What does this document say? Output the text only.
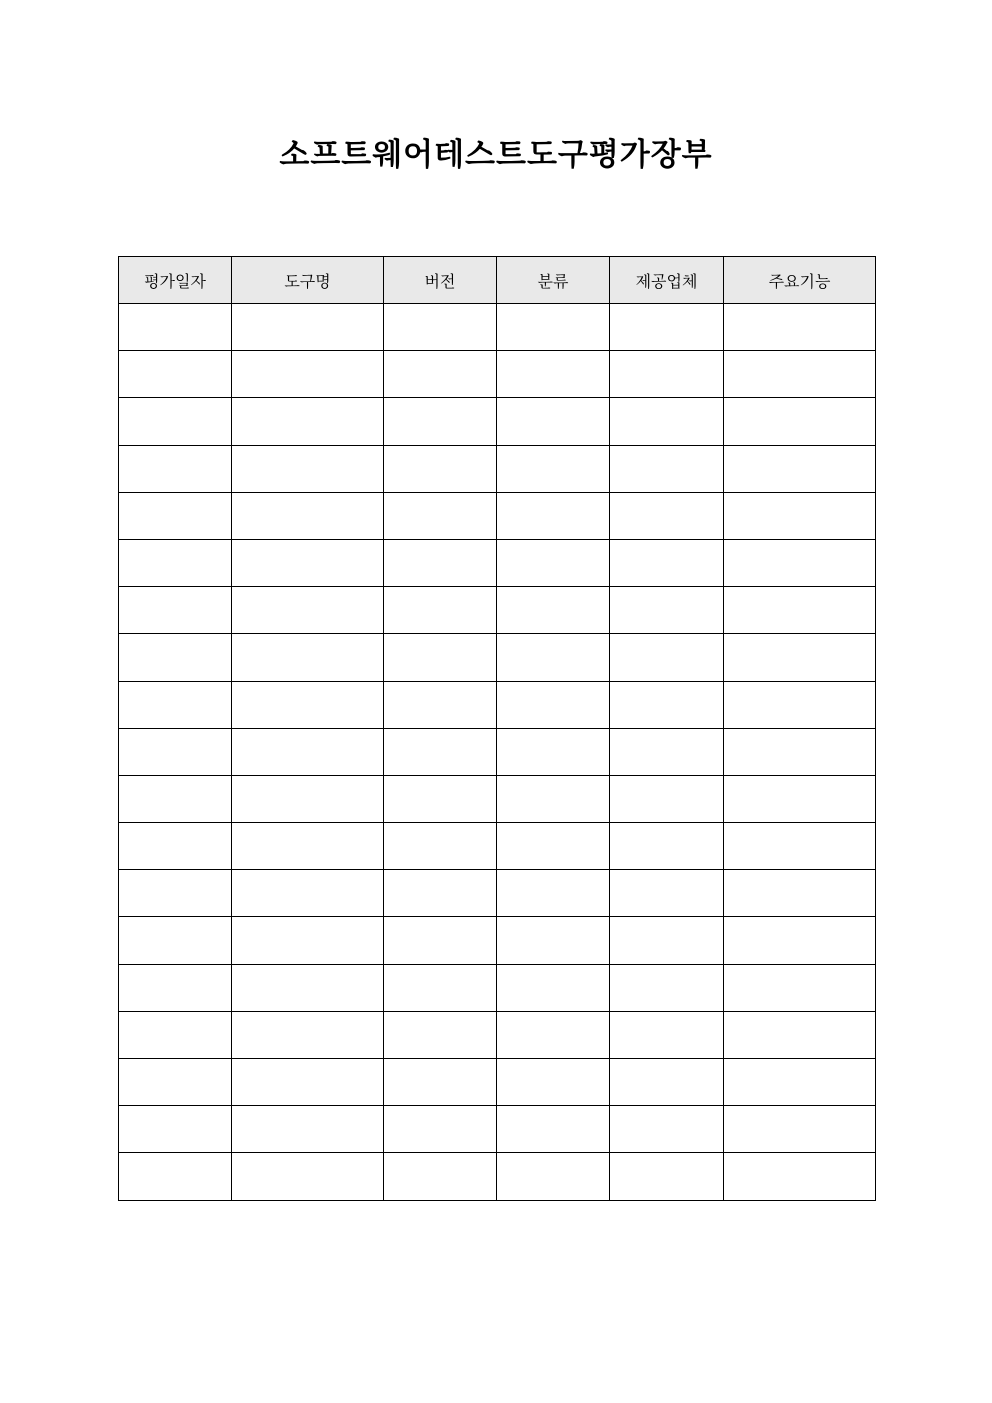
소프트웨어테스트도구평가장부
평가일자	도구명	버전	분류	제공업체	주요기능
